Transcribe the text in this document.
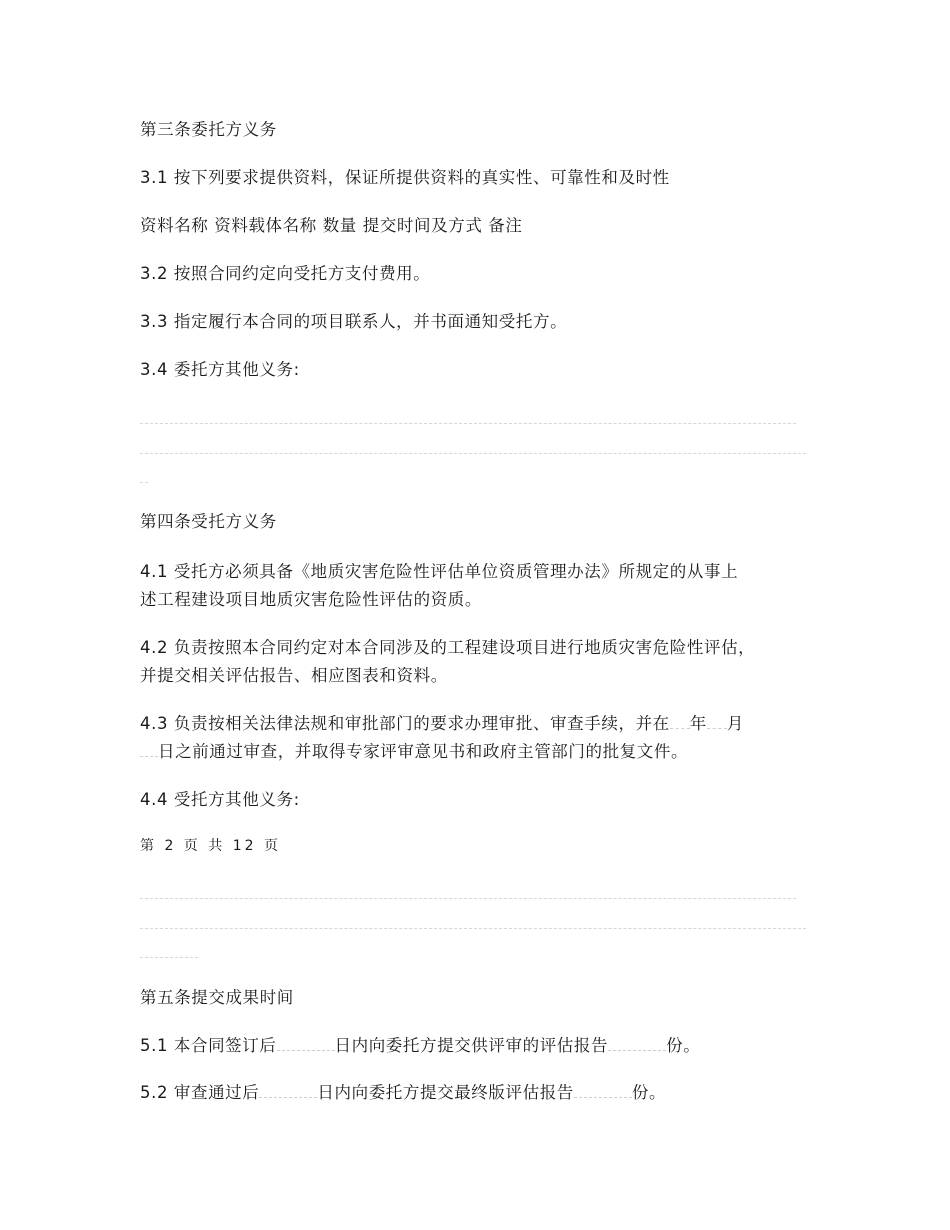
第三条委托方义务
3.1 按下列要求提供资料，保证所提供资料的真实性、可靠性和及时性
资料名称 资料载体名称 数量 提交时间及方式 备注
3.2 按照合同约定向受托方支付费用。
3.3 指定履行本合同的项目联系人，并书面通知受托方。
3.4 委托方其他义务:
第四条受托方义务
4.1 受托方必须具备《地质灾害危险性评估单位资质管理办法》所规定的从事上
述工程建设项目地质灾害危险性评估的资质。
4.2 负责按照本合同约定对本合同涉及的工程建设项目进行地质灾害危险性评估，
并提交相关评估报告、相应图表和资料。
4.3 负责按相关法律法规和审批部门的要求办理审批、审查手续，并在 年 月
日之前通过审查，并取得专家评审意见书和政府主管部门的批复文件。
4.4 受托方其他义务:
第 2 页 共 12 页
第五条提交成果时间
5.1 本合同签订后	日内向委托方提交供评审的评估报告	份。
5.2 审查通过后	日内向委托方提交最终版评估报告	份。
